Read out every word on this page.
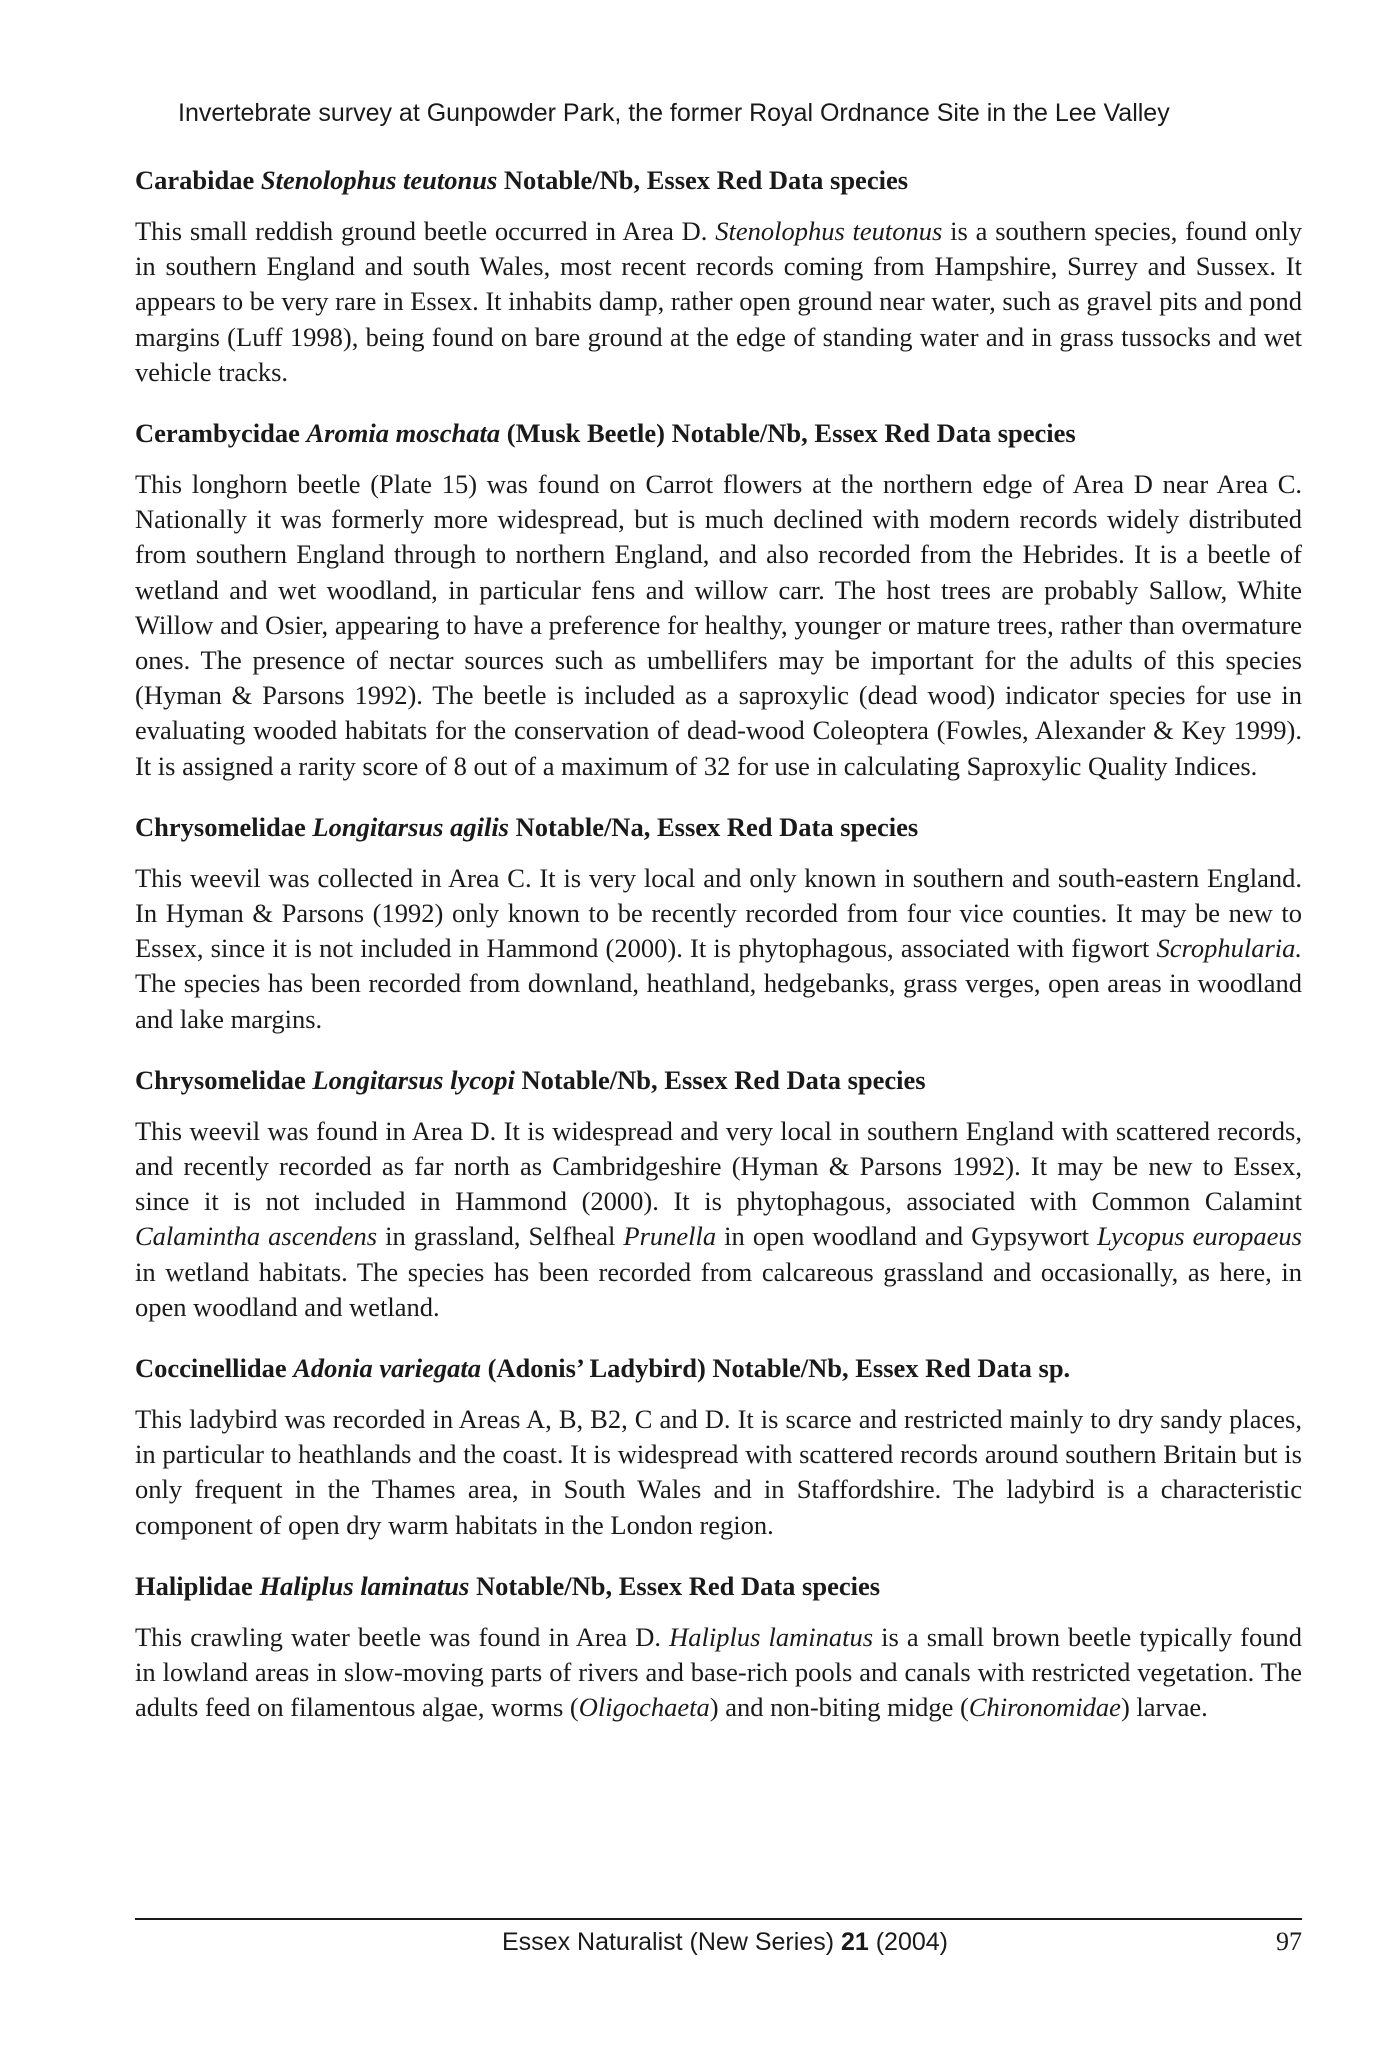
Invertebrate survey at Gunpowder Park, the former Royal Ordnance Site in the Lee Valley
Carabidae Stenolophus teutonus Notable/Nb, Essex Red Data species

This small reddish ground beetle occurred in Area D. Stenolophus teutonus is a southern species, found only in southern England and south Wales, most recent records coming from Hampshire, Surrey and Sussex. It appears to be very rare in Essex. It inhabits damp, rather open ground near water, such as gravel pits and pond margins (Luff 1998), being found on bare ground at the edge of standing water and in grass tussocks and wet vehicle tracks.

Cerambycidae Aromia moschata (Musk Beetle) Notable/Nb, Essex Red Data species

This longhorn beetle (Plate 15) was found on Carrot flowers at the northern edge of Area D near Area C. Nationally it was formerly more widespread, but is much declined with modern records widely distributed from southern England through to northern England, and also recorded from the Hebrides. It is a beetle of wetland and wet woodland, in particular fens and willow carr. The host trees are probably Sallow, White Willow and Osier, appearing to have a preference for healthy, younger or mature trees, rather than overmature ones. The presence of nectar sources such as umbellifers may be important for the adults of this species (Hyman & Parsons 1992). The beetle is included as a saproxylic (dead wood) indicator species for use in evaluating wooded habitats for the conservation of dead-wood Coleoptera (Fowles, Alexander & Key 1999). It is assigned a rarity score of 8 out of a maximum of 32 for use in calculating Saproxylic Quality Indices.

Chrysomelidae Longitarsus agilis Notable/Na, Essex Red Data species

This weevil was collected in Area C. It is very local and only known in southern and south-eastern England. In Hyman & Parsons (1992) only known to be recently recorded from four vice counties. It may be new to Essex, since it is not included in Hammond (2000). It is phytophagous, associated with figwort Scrophularia. The species has been recorded from downland, heathland, hedgebanks, grass verges, open areas in woodland and lake margins.

Chrysomelidae Longitarsus lycopi Notable/Nb, Essex Red Data species

This weevil was found in Area D. It is widespread and very local in southern England with scattered records, and recently recorded as far north as Cambridgeshire (Hyman & Parsons 1992). It may be new to Essex, since it is not included in Hammond (2000). It is phytophagous, associated with Common Calamint Calamintha ascendens in grassland, Selfheal Prunella in open woodland and Gypsywort Lycopus europaeus in wetland habitats. The species has been recorded from calcareous grassland and occasionally, as here, in open woodland and wetland.

Coccinellidae Adonia variegata (Adonis’ Ladybird) Notable/Nb, Essex Red Data sp.

This ladybird was recorded in Areas A, B, B2, C and D. It is scarce and restricted mainly to dry sandy places, in particular to heathlands and the coast. It is widespread with scattered records around southern Britain but is only frequent in the Thames area, in South Wales and in Staffordshire. The ladybird is a characteristic component of open dry warm habitats in the London region.

Haliplidae Haliplus laminatus Notable/Nb, Essex Red Data species

This crawling water beetle was found in Area D. Haliplus laminatus is a small brown beetle typically found in lowland areas in slow-moving parts of rivers and base-rich pools and canals with restricted vegetation. The adults feed on filamentous algae, worms (Oligochaeta) and non-biting midge (Chironomidae) larvae.

Essex Naturalist (New Series) 21 (2004)	97
